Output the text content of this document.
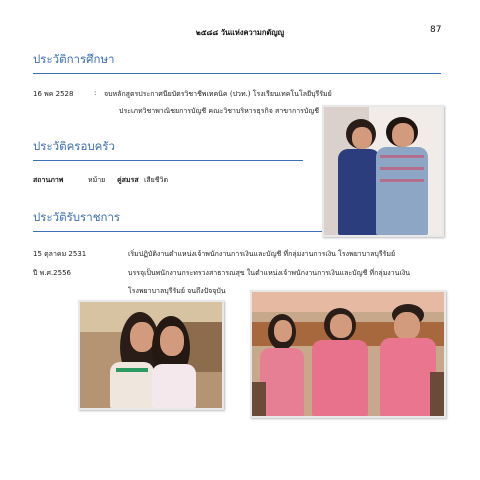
๒๕๘๘ วันแห่งความกตัญญู	87
ประวัติการศึกษา
16 พค 2528	: จบหลักสูตรประกาศนียบัตรวิชาชีพเทคนิค (ปวท.) โรงเรียนเทคโนโลยีบุรีรัมย์
ประเภทวิชาพาณิชยการบัญชี คณะวิชาบริหารธุรกิจ สาขาการบัญชี
ประวัติครอบครัว
สถานภาพ	หม้าย คู่สมรส เสียชีวิต
ประวัติรับราชการ
15 ตุลาคม 2531	เริ่มปฏิบัติงานตำแหน่งเจ้าพนักงานการเงินและบัญชี ที่กลุ่มงานการเงิน โรงพยาบาลบุรีรัมย์
ปี พ.ศ.2556	บรรจุเป็นพนักงานกระทรวงสาธารณสุข ในตำแหน่งเจ้าพนักงานการเงินและบัญชี ที่กลุ่มงานเงิน
โรงพยาบาลบุรีรัมย์ จนถึงปัจจุบัน
